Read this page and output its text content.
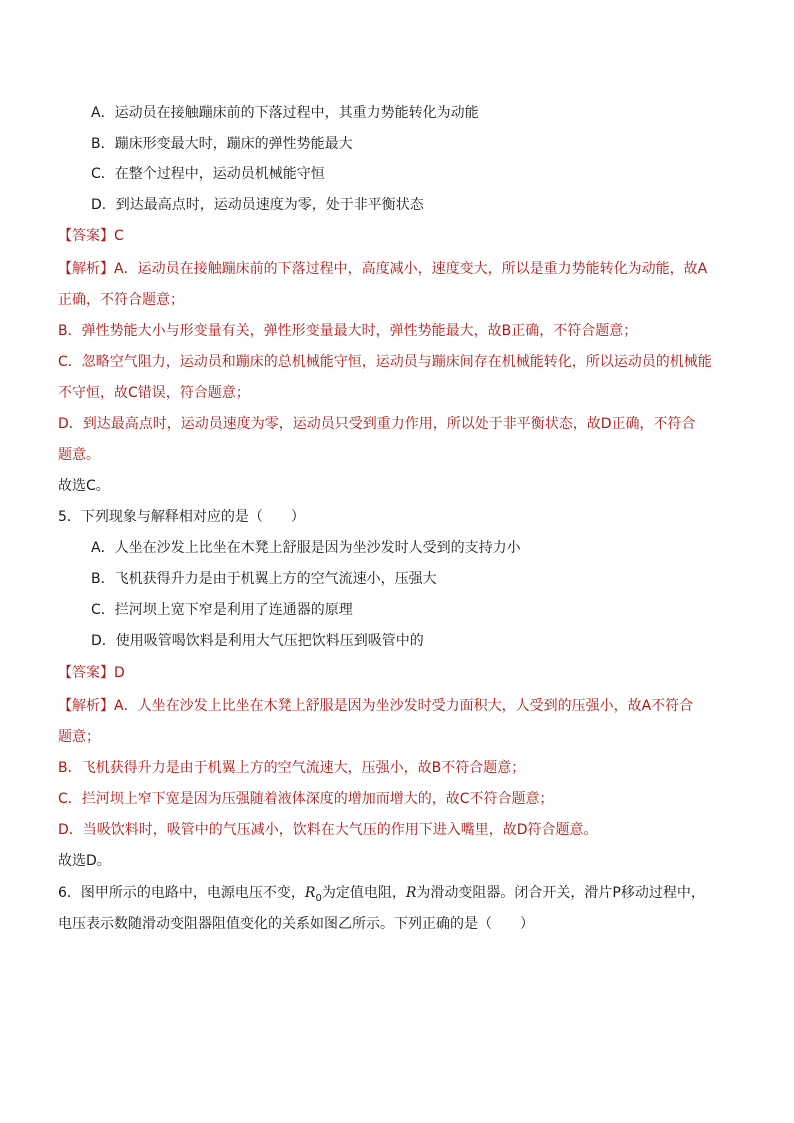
A．运动员在接触蹦床前的下落过程中，其重力势能转化为动能
B．蹦床形变最大时，蹦床的弹性势能最大
C．在整个过程中，运动员机械能守恒
D．到达最高点时，运动员速度为零，处于非平衡状态
【答案】C
【解析】A．运动员在接触蹦床前的下落过程中，高度减小，速度变大，所以是重力势能转化为动能，故A
正确，不符合题意；
B．弹性势能大小与形变量有关，弹性形变量最大时，弹性势能最大，故B正确，不符合题意；
C．忽略空气阻力，运动员和蹦床的总机械能守恒，运动员与蹦床间存在机械能转化，所以运动员的机械能
不守恒，故C错误，符合题意；
D．到达最高点时，运动员速度为零，运动员只受到重力作用，所以处于非平衡状态，故D正确，不符合
题意。
故选C。
5．下列现象与解释相对应的是（　　）
A．人坐在沙发上比坐在木凳上舒服是因为坐沙发时人受到的支持力小
B．飞机获得升力是由于机翼上方的空气流速小，压强大
C．拦河坝上宽下窄是利用了连通器的原理
D．使用吸管喝饮料是利用大气压把饮料压到吸管中的
【答案】D
【解析】A．人坐在沙发上比坐在木凳上舒服是因为坐沙发时受力面积大，人受到的压强小，故A不符合
题意；
B．飞机获得升力是由于机翼上方的空气流速大，压强小，故B不符合题意；
C．拦河坝上窄下宽是因为压强随着液体深度的增加而增大的，故C不符合题意；
D．当吸饮料时，吸管中的气压减小，饮料在大气压的作用下进入嘴里，故D符合题意。
故选D。
6．图甲所示的电路中，电源电压不变，$R_0$为定值电阻，R为滑动变阻器。闭合开关，滑片P移动过程中，
电压表示数随滑动变阻器阻值变化的关系如图乙所示。下列正确的是（　　）
